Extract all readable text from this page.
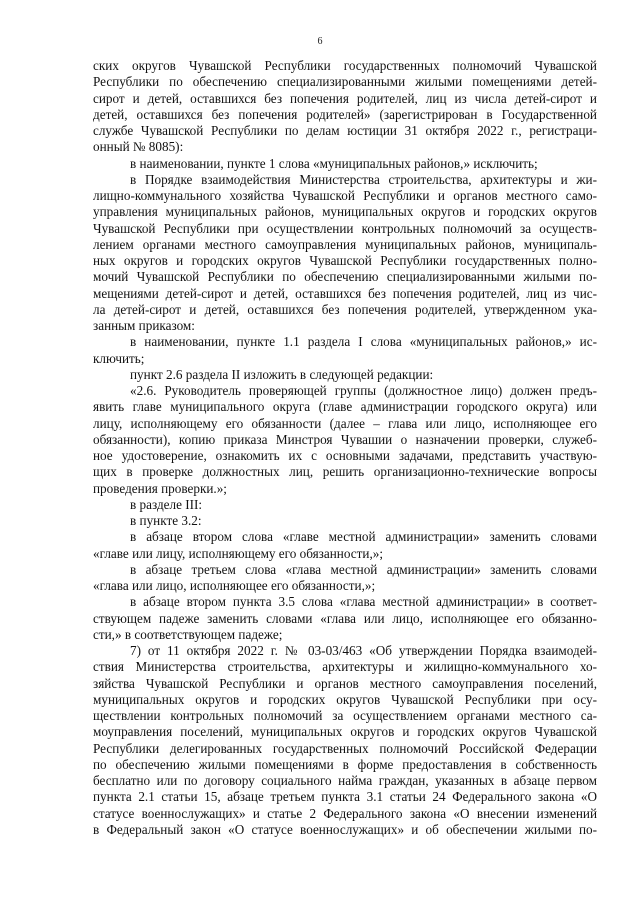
6
ских округов Чувашской Республики государственных полномочий Чувашской
Республики по обеспечению специализированными жилыми помещениями детей-
сирот и детей, оставшихся без попечения родителей, лиц из числа детей-сирот и
детей, оставшихся без попечения родителей» (зарегистрирован в Государственной
службе Чувашской Республики по делам юстиции 31 октября 2022 г., регистраци-
онный № 8085):
в наименовании, пункте 1 слова «муниципальных районов,» исключить;
в Порядке взаимодействия Министерства строительства, архитектуры и жи-
лищно-коммунального хозяйства Чувашской Республики и органов местного само-
управления муниципальных районов, муниципальных округов и городских округов
Чувашской Республики при осуществлении контрольных полномочий за осуществ-
лением органами местного самоуправления муниципальных районов, муниципаль-
ных округов и городских округов Чувашской Республики государственных полно-
мочий Чувашской Республики по обеспечению специализированными жилыми по-
мещениями детей-сирот и детей, оставшихся без попечения родителей, лиц из чис-
ла детей-сирот и детей, оставшихся без попечения родителей, утвержденном ука-
занным приказом:
в наименовании, пункте 1.1 раздела I слова «муниципальных районов,» ис-
ключить;
пункт 2.6 раздела II изложить в следующей редакции:
«2.6. Руководитель проверяющей группы (должностное лицо) должен предъ-
явить главе муниципального округа (главе администрации городского округа) или
лицу, исполняющему его обязанности (далее – глава или лицо, исполняющее его
обязанности), копию приказа Минстроя Чувашии о назначении проверки, служеб-
ное удостоверение, ознакомить их с основными задачами, представить участвую-
щих в проверке должностных лиц, решить организационно-технические вопросы
проведения проверки.»;
в разделе III:
в пункте 3.2:
в абзаце втором слова «главе местной администрации» заменить словами
«главе или лицу, исполняющему его обязанности,»;
в абзаце третьем слова «глава местной администрации» заменить словами
«глава или лицо, исполняющее его обязанности,»;
в абзаце втором пункта 3.5 слова «глава местной администрации» в соответ-
ствующем падеже заменить словами «глава или лицо, исполняющее его обязанно-
сти,» в соответствующем падеже;
7) от 11 октября 2022 г. № 03-03/463 «Об утверждении Порядка взаимодей-
ствия Министерства строительства, архитектуры и жилищно-коммунального хо-
зяйства Чувашской Республики и органов местного самоуправления поселений,
муниципальных округов и городских округов Чувашской Республики при осу-
ществлении контрольных полномочий за осуществлением органами местного са-
моуправления поселений, муниципальных округов и городских округов Чувашской
Республики делегированных государственных полномочий Российской Федерации
по обеспечению жилыми помещениями в форме предоставления в собственность
бесплатно или по договору социального найма граждан, указанных в абзаце первом
пункта 2.1 статьи 15, абзаце третьем пункта 3.1 статьи 24 Федерального закона «О
статусе военнослужащих» и статье 2 Федерального закона «О внесении изменений
в Федеральный закон «О статусе военнослужащих» и об обеспечении жилыми по-
